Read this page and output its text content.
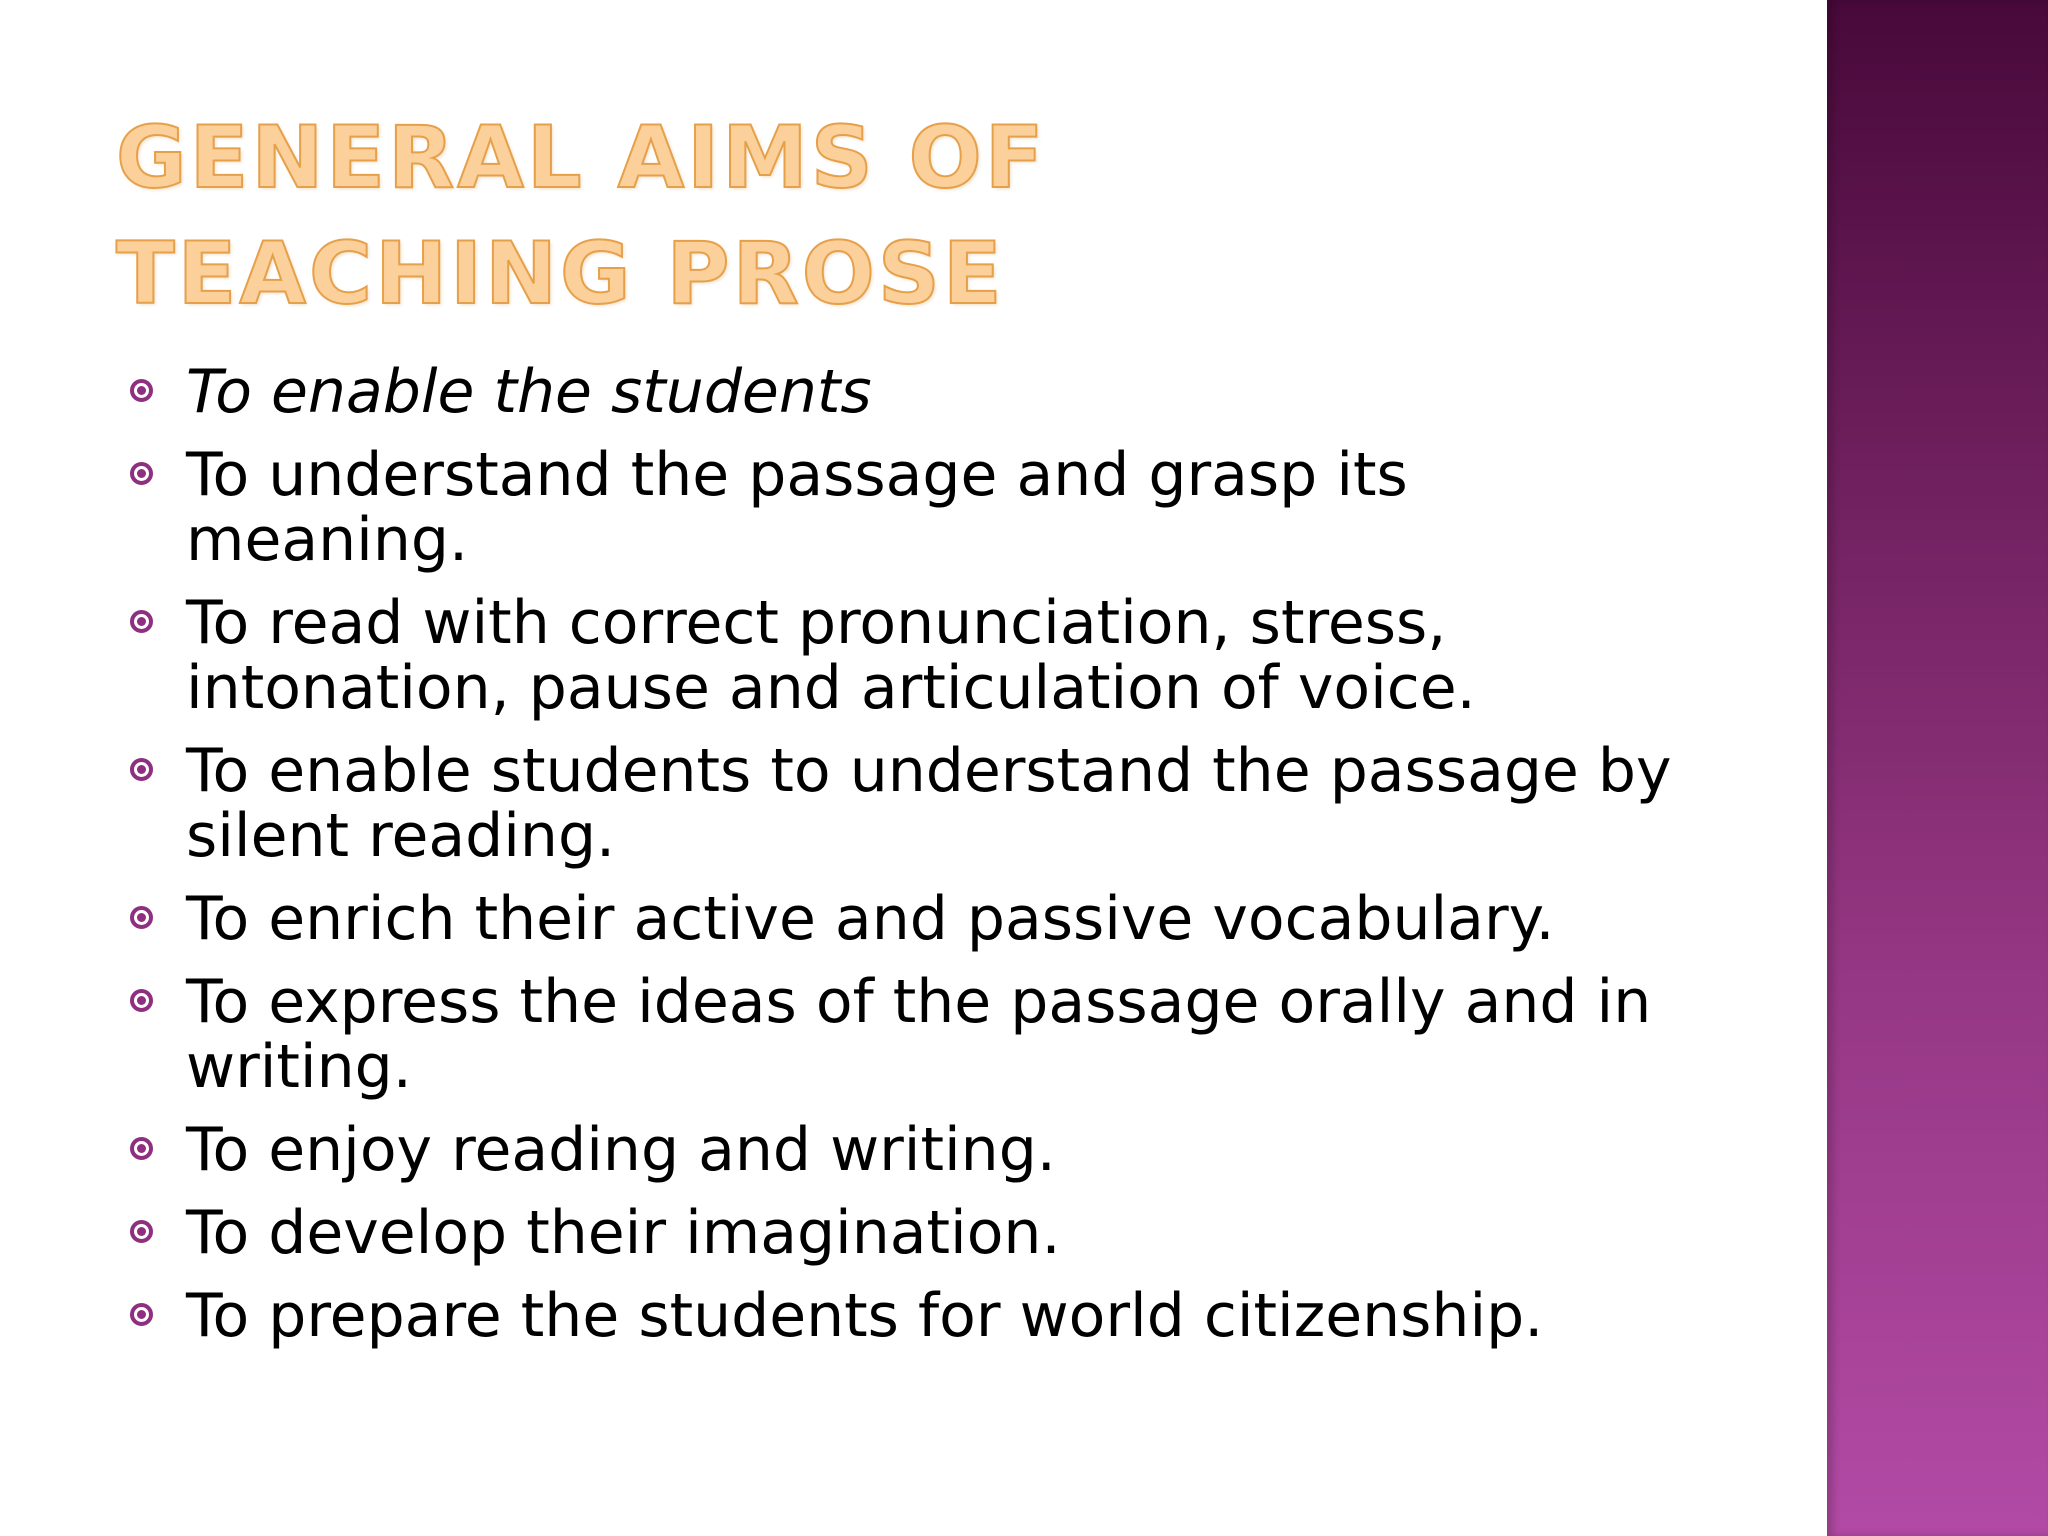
GENERAL AIMS OF TEACHING PROSE
To enable the students
To understand the passage and grasp its meaning.
To read with correct pronunciation, stress, intonation, pause and articulation of voice.
To enable students to understand the passage by silent reading.
To enrich their active and passive vocabulary.
To express the ideas of the passage orally and in writing.
To enjoy reading and writing.
To develop their imagination.
To prepare the students for world citizenship.
